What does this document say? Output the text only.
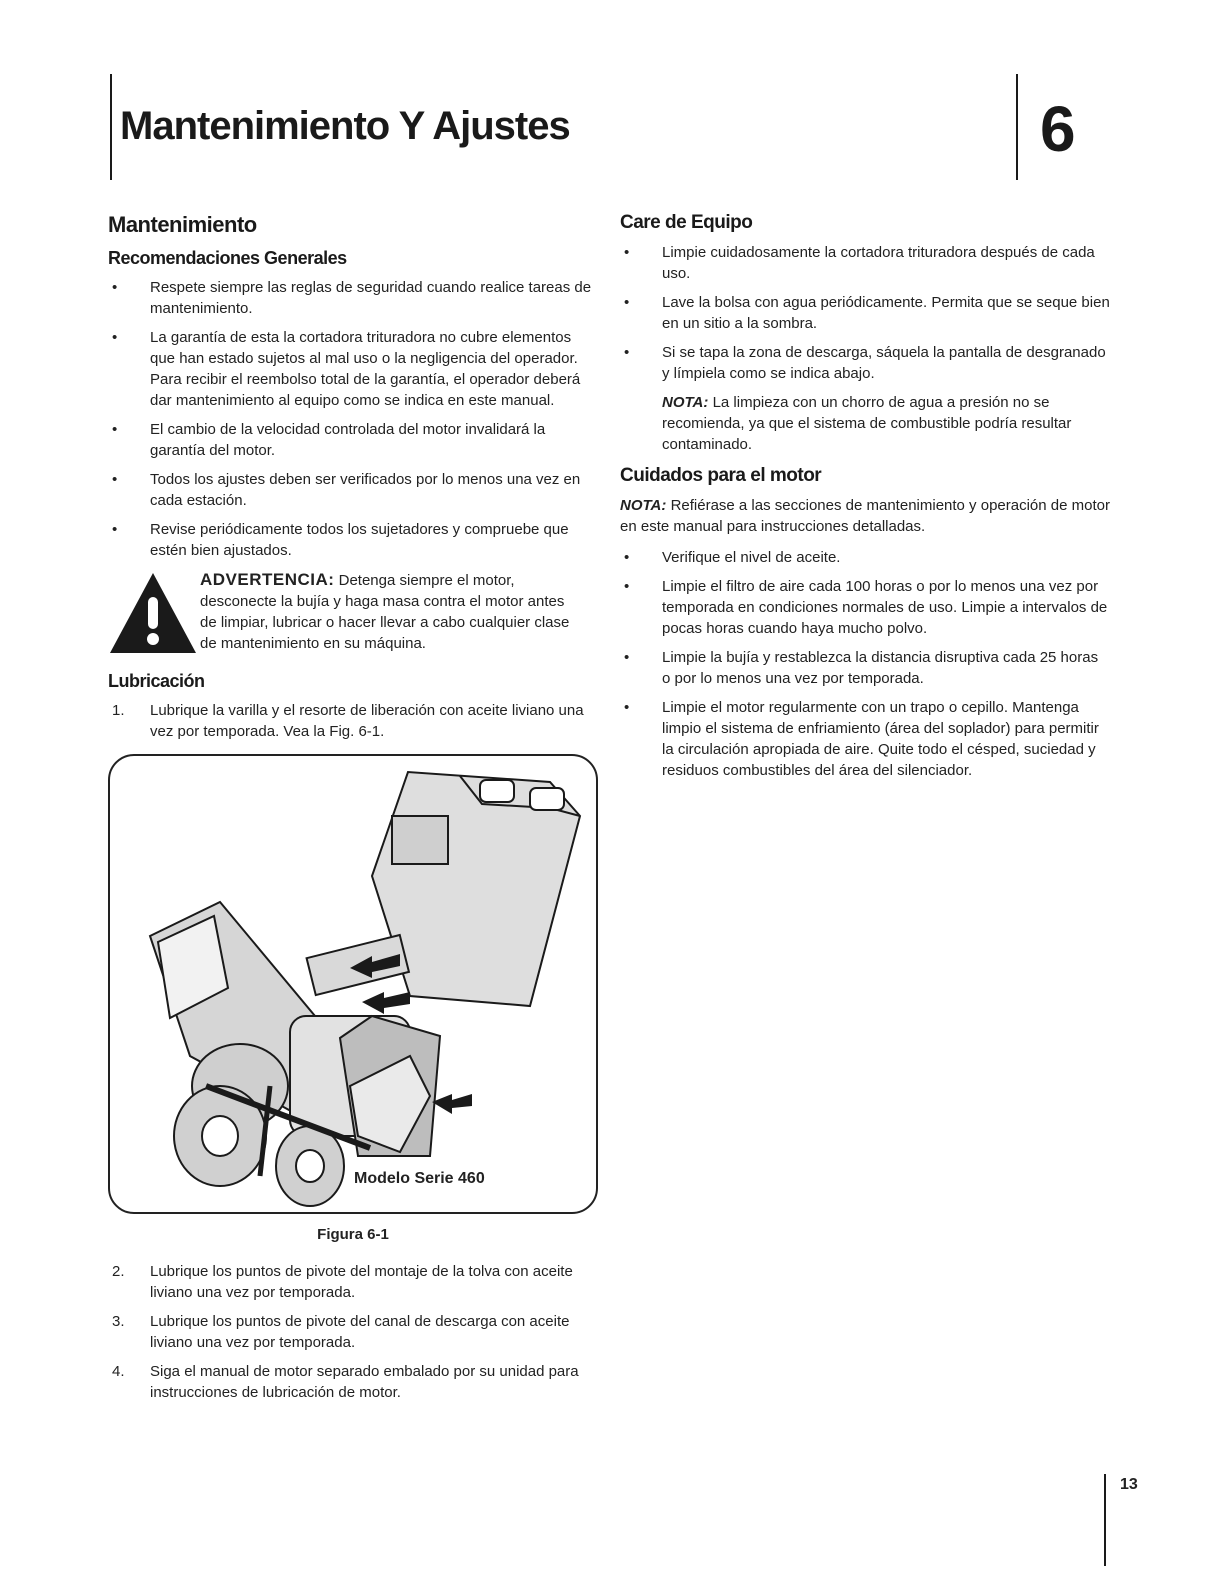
Mantenimiento Y Ajustes	6
Mantenimiento
Recomendaciones Generales
• Respete siempre las reglas de seguridad cuando realice tareas de mantenimiento.
• La garantía de esta la cortadora trituradora no cubre elementos que han estado sujetos al mal uso o la negligencia del operador. Para recibir el reembolso total de la garantía, el operador deberá dar mantenimiento al equipo como se indica en este manual.
• El cambio de la velocidad controlada del motor invalidará la garantía del motor.
• Todos los ajustes deben ser verificados por lo menos una vez en cada estación.
• Revise periódicamente todos los sujetadores y compruebe que estén bien ajustados.
ADVERTENCIA: Detenga siempre el motor, desconecte la bujía y haga masa contra el motor antes de limpiar, lubricar o hacer llevar a cabo cualquier clase de mantenimiento en su máquina.
Lubricación
1. Lubrique la varilla y el resorte de liberación con aceite liviano una vez por temporada. Vea la Fig. 6-1.
Modelo Serie 460
Figura 6-1
2. Lubrique los puntos de pivote del montaje de la tolva con aceite liviano una vez por temporada.
3. Lubrique los puntos de pivote del canal de descarga con aceite liviano una vez por temporada.
4. Siga el manual de motor separado embalado por su unidad para instrucciones de lubricación de motor.
Care de Equipo
• Limpie cuidadosamente la cortadora trituradora después de cada uso.
• Lave la bolsa con agua periódicamente. Permita que se seque bien en un sitio a la sombra.
• Si se tapa la zona de descarga, sáquela la pantalla de desgranado y límpiela como se indica abajo.

NOTA: La limpieza con un chorro de agua a presión no se recomienda, ya que el sistema de combustible podría resultar contaminado.

Cuidados para el motor

NOTA: Refiérase a las secciones de mantenimiento y operación de motor en este manual para instrucciones detalladas.

• Verifique el nivel de aceite.
• Limpie el filtro de aire cada 100 horas o por lo menos una vez por temporada en condiciones normales de uso. Limpie a intervalos de pocas horas cuando haya mucho polvo.
• Limpie la bujía y restablezca la distancia disruptiva cada 25 horas o por lo menos una vez por temporada.
• Limpie el motor regularmente con un trapo o cepillo. Mantenga limpio el sistema de enfriamiento (área del soplador) para permitir la circulación apropiada de aire. Quite todo el césped, suciedad y residuos combustibles del área del silenciador.
13
